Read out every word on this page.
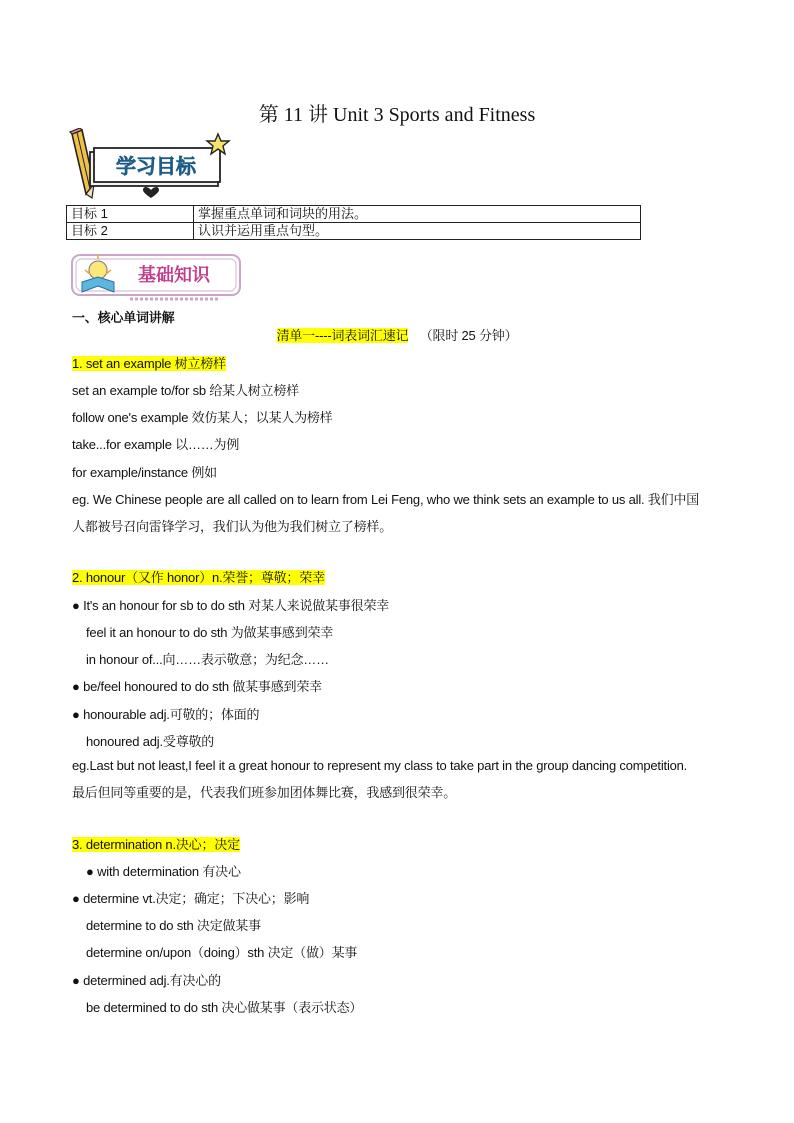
第 11 讲 Unit 3 Sports and Fitness
学习目标
目标 1	掌握重点单词和词块的用法。
目标 2	认识并运用重点句型。
基础知识
一、核心单词讲解
清单一----词表词汇速记 （限时 25 分钟）
1. set an example 树立榜样
set an example to/for sb 给某人树立榜样
follow one's example 效仿某人；以某人为榜样
take...for example 以……为例
for example/instance 例如
eg. We Chinese people are all called on to learn from Lei Feng, who we think sets an example to us all. 我们中国
人都被号召向雷锋学习，我们认为他为我们树立了榜样。
2. honour（又作 honor）n.荣誉；尊敬；荣幸
● It's an honour for sb to do sth 对某人来说做某事很荣幸
feel it an honour to do sth 为做某事感到荣幸
in honour of...向……表示敬意；为纪念……
● be/feel honoured to do sth 做某事感到荣幸
● honourable adj.可敬的；体面的
honoured adj.受尊敬的
eg.Last but not least,I feel it a great honour to represent my class to take part in the group dancing competition.
最后但同等重要的是，代表我们班参加团体舞比赛，我感到很荣幸。
3. determination n.决心；决定
● with determination 有决心
● determine vt.决定；确定；下决心；影响
determine to do sth 决定做某事
determine on/upon（doing）sth 决定（做）某事
● determined adj.有决心的
be determined to do sth 决心做某事（表示状态）
